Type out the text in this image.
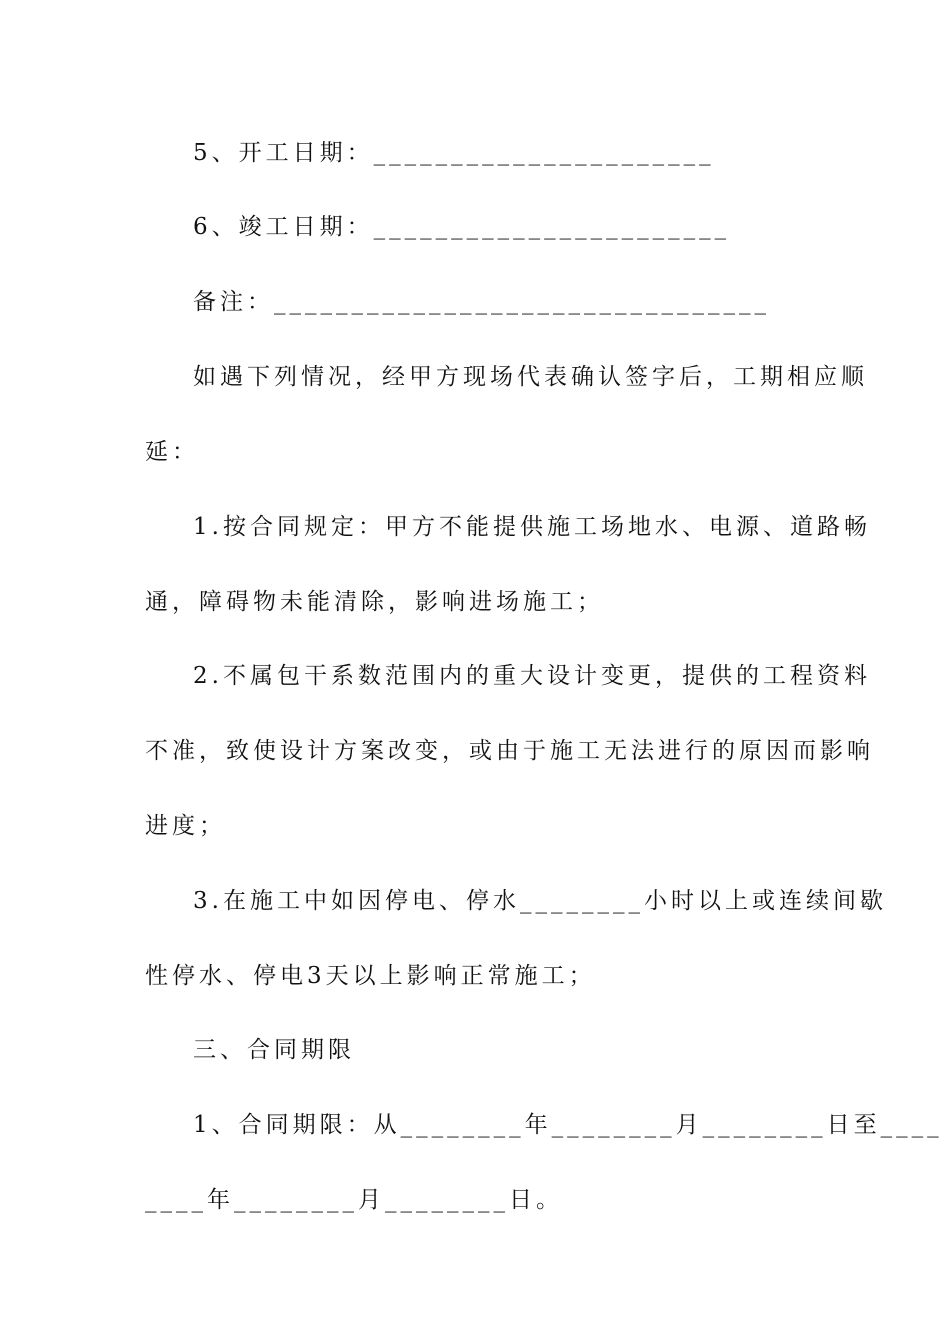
5、开工日期：______________________
6、竣工日期：_______________________
备注：________________________________
如遇下列情况，经甲方现场代表确认签字后，工期相应顺
延：
1.按合同规定：甲方不能提供施工场地水、电源、道路畅
通，障碍物未能清除，影响进场施工；
2.不属包干系数范围内的重大设计变更，提供的工程资料
不准，致使设计方案改变，或由于施工无法进行的原因而影响
进度；
3.在施工中如因停电、停水________小时以上或连续间歇
性停水、停电3天以上影响正常施工；
三、合同期限
1、合同期限：从________年________月________日至____
____年________月________日。
